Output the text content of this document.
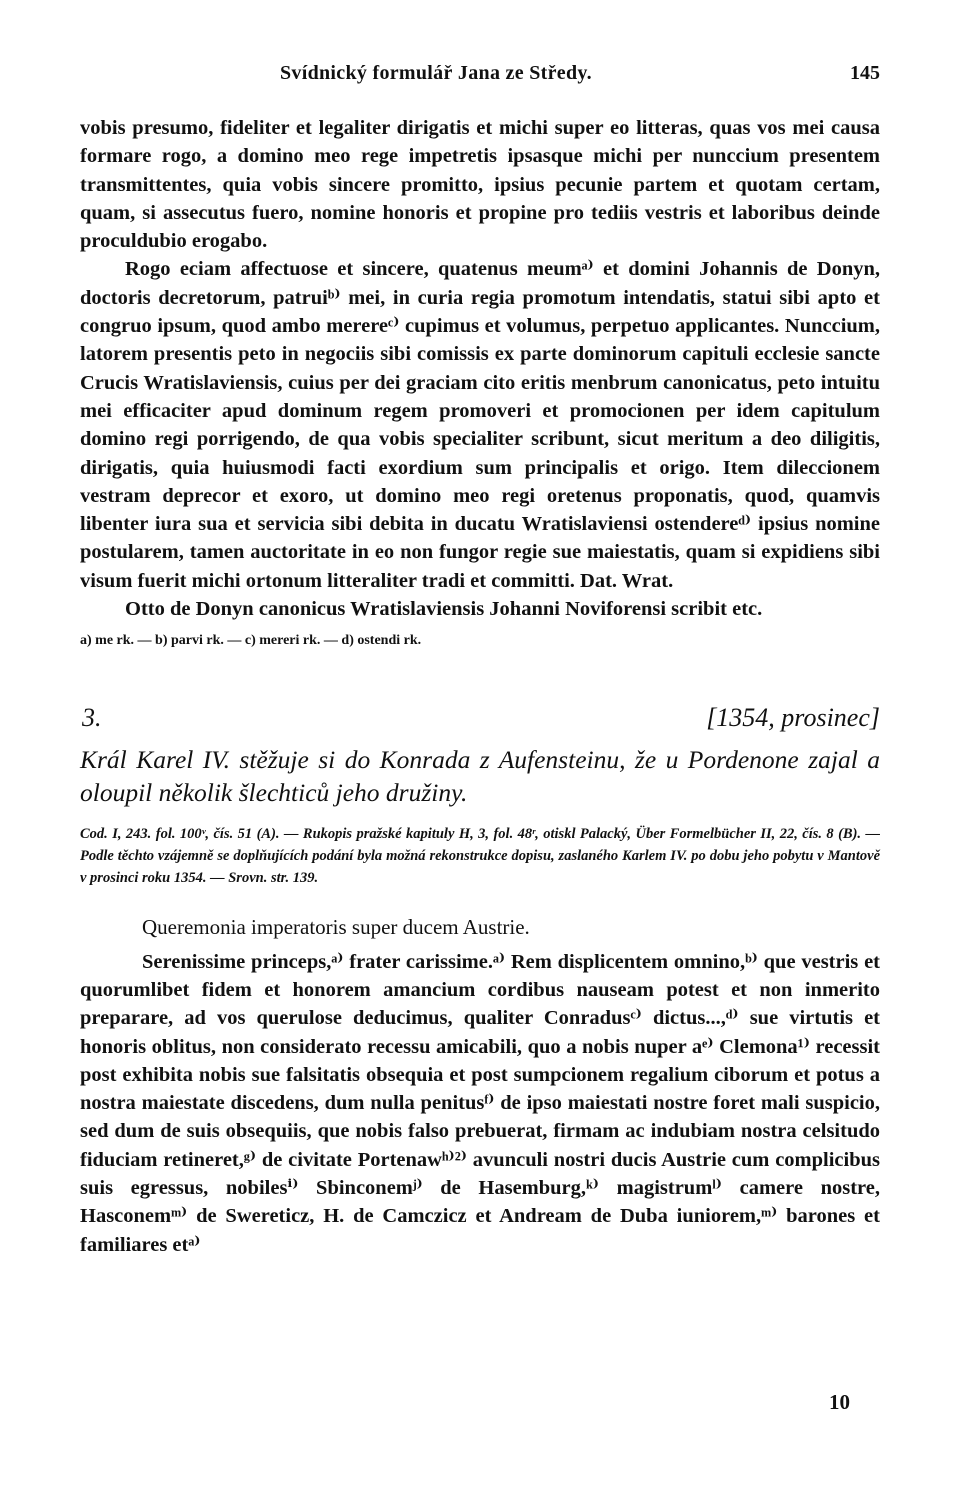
Svídnický formulář Jana ze Středy.	145

vobis presumo, fideliter et legaliter dirigatis et michi super eo litteras, quas vos mei causa formare rogo, a domino meo rege impetretis ipsasque michi per nunccium presentem transmittentes, quia vobis sincere promitto, ipsius pecunie partem et quotam certam, quam, si assecutus fuero, nomine honoris et propine pro tediis vestris et laboribus deinde proculdubio erogabo.

Rogo eciam affectuose et sincere, quatenus meumᵃ⁾ et domini Johannis de Donyn, doctoris decretorum, patruiᵇ⁾ mei, in curia regia promotum intendatis, statui sibi apto et congruo ipsum, quod ambo merereᶜ⁾ cupimus et volumus, perpetuo applicantes. Nunccium, latorem presentis peto in negociis sibi comissis ex parte dominorum capituli ecclesie sancte Crucis Wratislaviensis, cuius per dei graciam cito eritis menbrum canonicatus, peto intuitu mei efficaciter apud dominum regem promoveri et promocionen per idem capitulum domino regi porrigendo, de qua vobis specialiter scribunt, sicut meritum a deo diligitis, dirigatis, quia huiusmodi facti exordium sum principalis et origo. Item dileccionem vestram deprecor et exoro, ut domino meo regi oretenus proponatis, quod, quamvis libenter iura sua et servicia sibi debita in ducatu Wratislaviensi ostendereᵈ⁾ ipsius nomine postularem, tamen auctoritate in eo non fungor regie sue maiestatis, quam si expidiens sibi visum fuerit michi ortonum litteraliter tradi et committi. Dat. Wrat.

Otto de Donyn canonicus Wratislaviensis Johanni Noviforensi scribit etc.

a) me rk. — b) parvi rk. — c) mereri rk. — d) ostendi rk.
3.	[1354, prosinec]
Král Karel IV. stěžuje si do Konrada z Aufensteinu, že u Pordenone zajal a oloupil několik šlechticů jeho družiny.
Cod. I, 243. fol. 100ᵛ, čís. 51 (A). — Rukopis pražské kapituly H, 3, fol. 48ʳ, otiskl Palacký, Über Formelbücher II, 22, čís. 8 (B). — Podle těchto vzájemně se doplňujících podání byla možná rekonstrukce dopisu, zaslaného Karlem IV. po dobu jeho pobytu v Mantově v prosinci roku 1354. — Srovn. str. 139.

Queremonia imperatoris super ducem Austrie.

Serenissime princeps,ᵃ⁾ frater carissime.ᵃ⁾ Rem displicentem omnino,ᵇ⁾ que vestris et quorumlibet fidem et honorem amancium cordibus nauseam potest et non inmerito preparare, ad vos querulose deducimus, qualiter Conradusᶜ⁾ dictus...,ᵈ⁾ sue virtutis et honoris oblitus, non considerato recessu amicabili, quo a nobis nuper aᵉ⁾ Clemona¹⁾ recessit post exhibita nobis sue falsitatis obsequia et post sumpcionem regalium ciborum et potus a nostra maiestate discedens, dum nulla penitusᶠ⁾ de ipso maiestati nostre foret mali suspicio, sed dum de suis obsequiis, que nobis falso prebuerat, firmam ac indubiam nostra celsitudo fiduciam retineret,ᵍ⁾ de civitate Portenawʰ⁾²⁾ avunculi nostri ducis Austrie cum complicibus suis egressus, nobilesⁱ⁾ Sbinconemʲ⁾ de Hasemburg,ᵏ⁾ magistrumˡ⁾ camere nostre, Hasconemᵐ⁾ de Swereticz, H. de Camczicz et Andream de Duba iuniorem,ᵐ⁾ barones et familiares etᵃ⁾

10
